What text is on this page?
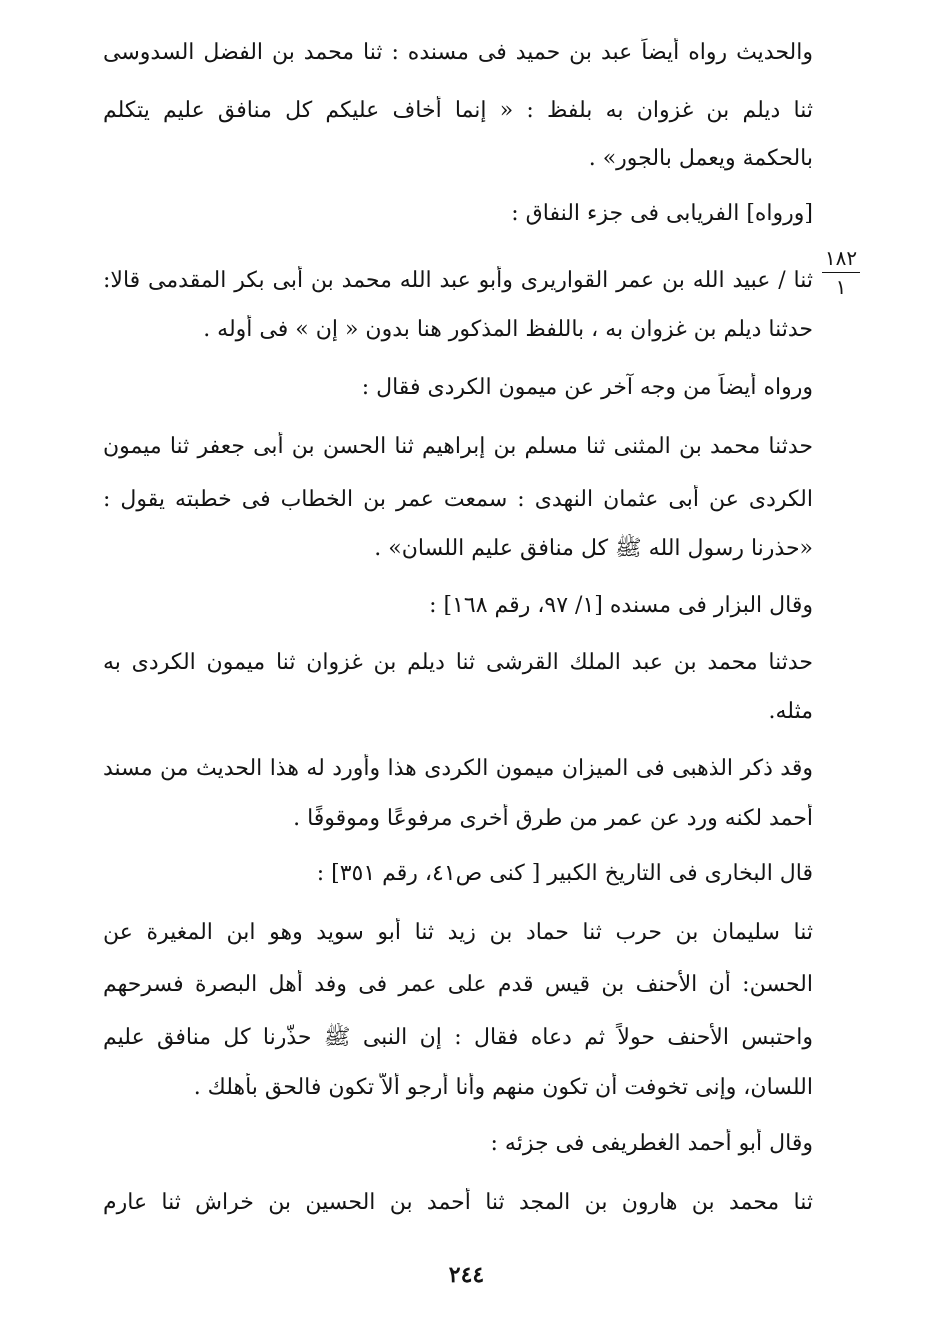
والحديث رواه أيضاً عبد بن حميد فى مسنده : ثنا محمد بن الفضل السدوسى
ثنا ديلم بن غزوان به بلفظ : « إنما أخاف عليكم كل منافق عليم يتكلم
بالحكمة ويعمل بالجور» .
[ورواه] الفريابى فى جزء النفاق :
١٨٢
١
ثنا / عبيد الله بن عمر القواريرى وأبو عبد الله محمد بن أبى بكر المقدمى قالا:
حدثنا ديلم بن غزوان به ، باللفظ المذكور هنا بدون « إن » فى أوله .
ورواه أيضاً من وجه آخر عن ميمون الكردى فقال :
حدثنا محمد بن المثنى ثنا مسلم بن إبراهيم ثنا الحسن بن أبى جعفر ثنا ميمون
الكردى عن أبى عثمان النهدى : سمعت عمر بن الخطاب فى خطبته يقول :
«حذرنا رسول الله ﷺ كل منافق عليم اللسان» .
وقال البزار فى مسنده [١/ ٩٧، رقم ١٦٨] :
حدثنا محمد بن عبد الملك القرشى ثنا ديلم بن غزوان ثنا ميمون الكردى به
مثله.
وقد ذكر الذهبى فى الميزان ميمون الكردى هذا وأورد له هذا الحديث من مسند
أحمد لكنه ورد عن عمر من طرق أخرى مرفوعًا وموقوفًا .
قال البخارى فى التاريخ الكبير [ كنى ص٤١، رقم ٣٥١] :
ثنا سليمان بن حرب ثنا حماد بن زيد ثنا أبو سويد وهو ابن المغيرة عن
الحسن: أن الأحنف بن قيس قدم على عمر فى وفد أهل البصرة فسرحهم
واحتبس الأحنف حولاً ثم دعاه فقال : إن النبى ﷺ حذّرنا كل منافق عليم
اللسان، وإنى تخوفت أن تكون منهم وأنا أرجو ألاّ تكون فالحق بأهلك .
وقال أبو أحمد الغطريفى فى جزئه :
ثنا محمد بن هارون بن المجد ثنا أحمد بن الحسين بن خراش ثنا عارم
٢٤٤
